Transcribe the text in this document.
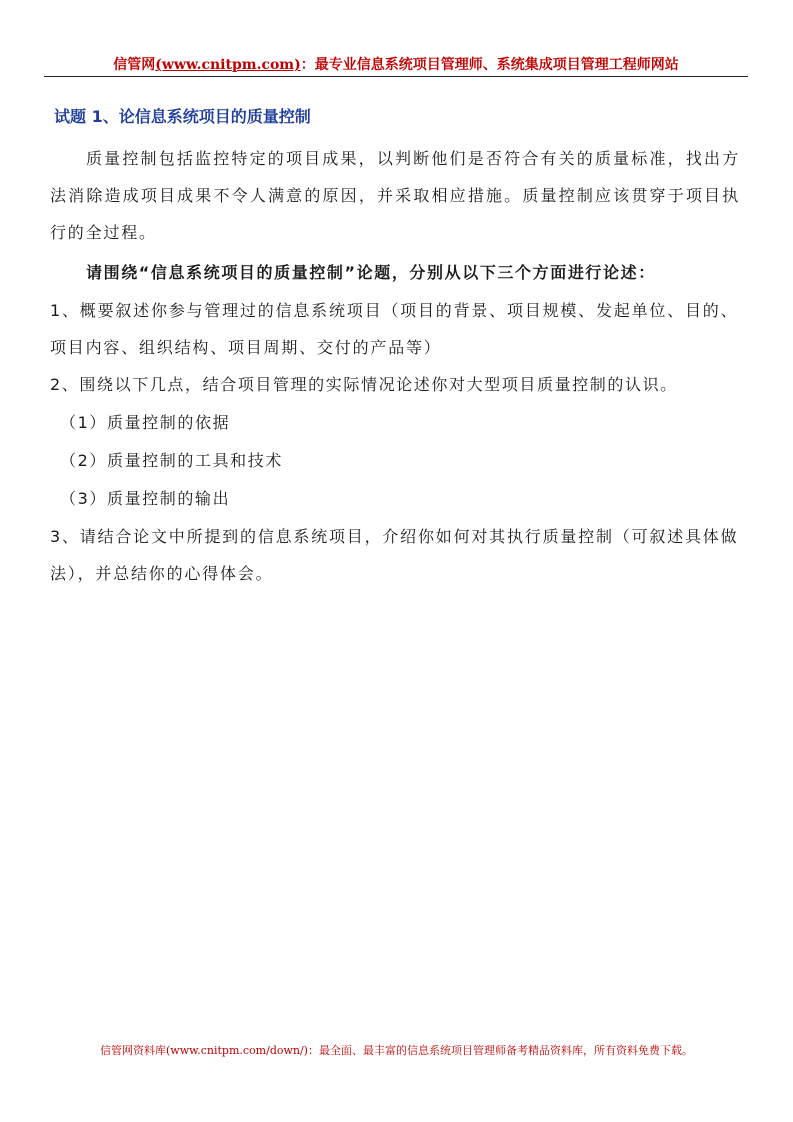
信管网(www.cnitpm.com)：最专业信息系统项目管理师、系统集成项目管理工程师网站
试题 1、论信息系统项目的质量控制

质量控制包括监控特定的项目成果，以判断他们是否符合有关的质量标准，找出方法消除造成项目成果不令人满意的原因，并采取相应措施。质量控制应该贯穿于项目执行的全过程。

请围绕“信息系统项目的质量控制”论题，分别从以下三个方面进行论述：

1、概要叙述你参与管理过的信息系统项目（项目的背景、项目规模、发起单位、目的、项目内容、组织结构、项目周期、交付的产品等）

2、围绕以下几点，结合项目管理的实际情况论述你对大型项目质量控制的认识。

（1）质量控制的依据

（2）质量控制的工具和技术

（3）质量控制的输出

3、请结合论文中所提到的信息系统项目，介绍你如何对其执行质量控制（可叙述具体做法），并总结你的心得体会。

信管网资料库(www.cnitpm.com/down/)：最全面、最丰富的信息系统项目管理师备考精品资料库，所有资料免费下载。
